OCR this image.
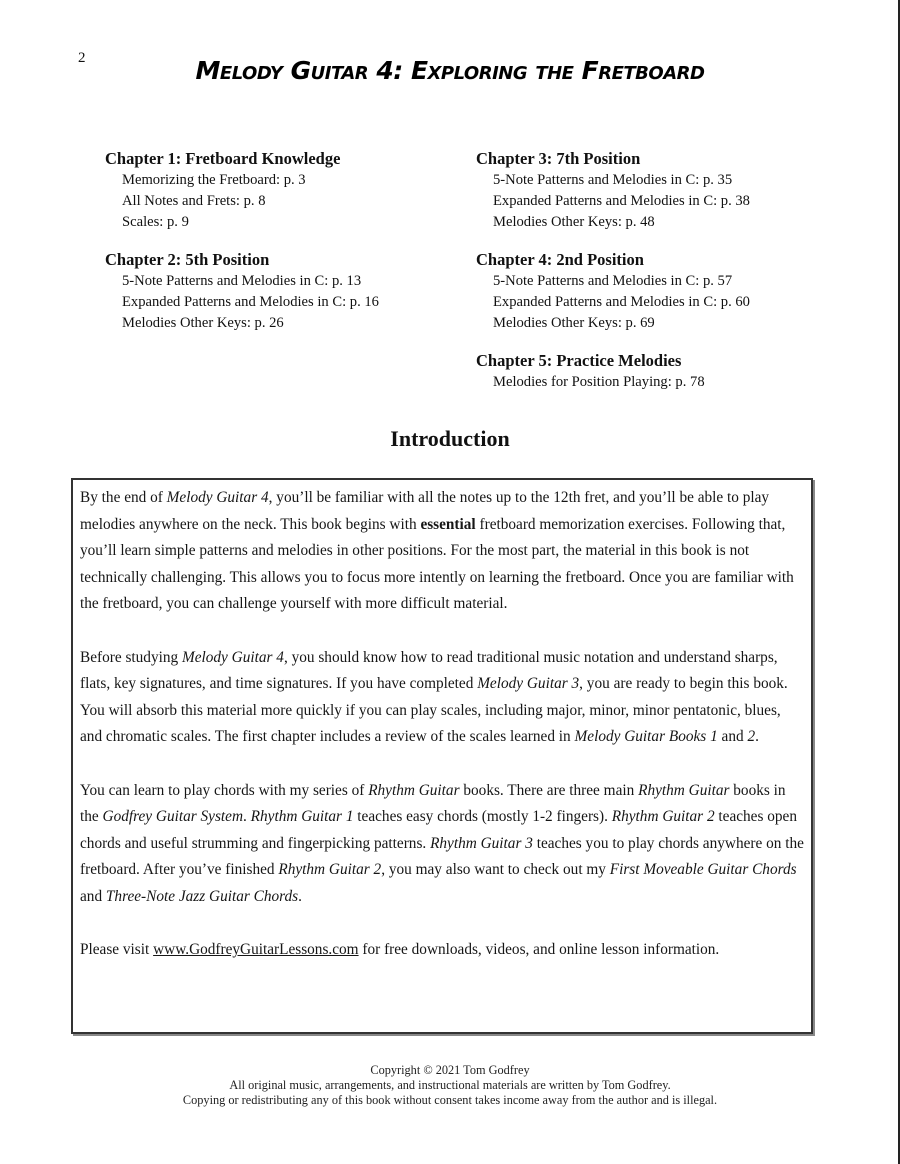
2	Melody Guitar 4: Exploring the Fretboard
Chapter 1: Fretboard Knowledge
Memorizing the Fretboard: p. 3
All Notes and Frets: p. 8
Scales: p. 9
Chapter 2: 5th Position
5-Note Patterns and Melodies in C: p. 13
Expanded Patterns and Melodies in C: p. 16
Melodies Other Keys: p. 26
Chapter 3: 7th Position
5-Note Patterns and Melodies in C: p. 35
Expanded Patterns and Melodies in C: p. 38
Melodies Other Keys: p. 48
Chapter 4: 2nd Position
5-Note Patterns and Melodies in C: p. 57
Expanded Patterns and Melodies in C: p. 60
Melodies Other Keys: p. 69
Chapter 5: Practice Melodies
Melodies for Position Playing: p. 78
Introduction

By the end of Melody Guitar 4, you’ll be familiar with all the notes up to the 12th fret, and you’ll be able to play melodies anywhere on the neck. This book begins with essential fretboard memorization exercises. Following that, you’ll learn simple patterns and melodies in other positions. For the most part, the material in this book is not technically challenging. This allows you to focus more intently on learning the fretboard. Once you are familiar with the fretboard, you can challenge yourself with more difficult material.

Before studying Melody Guitar 4, you should know how to read traditional music notation and understand sharps, flats, key signatures, and time signatures. If you have completed Melody Guitar 3, you are ready to begin this book. You will absorb this material more quickly if you can play scales, including major, minor, minor pentatonic, blues, and chromatic scales. The first chapter includes a review of the scales learned in Melody Guitar Books 1 and 2.

You can learn to play chords with my series of Rhythm Guitar books. There are three main Rhythm Guitar books in the Godfrey Guitar System. Rhythm Guitar 1 teaches easy chords (mostly 1-2 fingers). Rhythm Guitar 2 teaches open chords and useful strumming and fingerpicking patterns. Rhythm Guitar 3 teaches you to play chords anywhere on the fretboard. After you’ve finished Rhythm Guitar 2, you may also want to check out my First Moveable Guitar Chords and Three-Note Jazz Guitar Chords.

Please visit www.GodfreyGuitarLessons.com for free downloads, videos, and online lesson information.

Copyright © 2021 Tom Godfrey
All original music, arrangements, and instructional materials are written by Tom Godfrey.
Copying or redistributing any of this book without consent takes income away from the author and is illegal.
